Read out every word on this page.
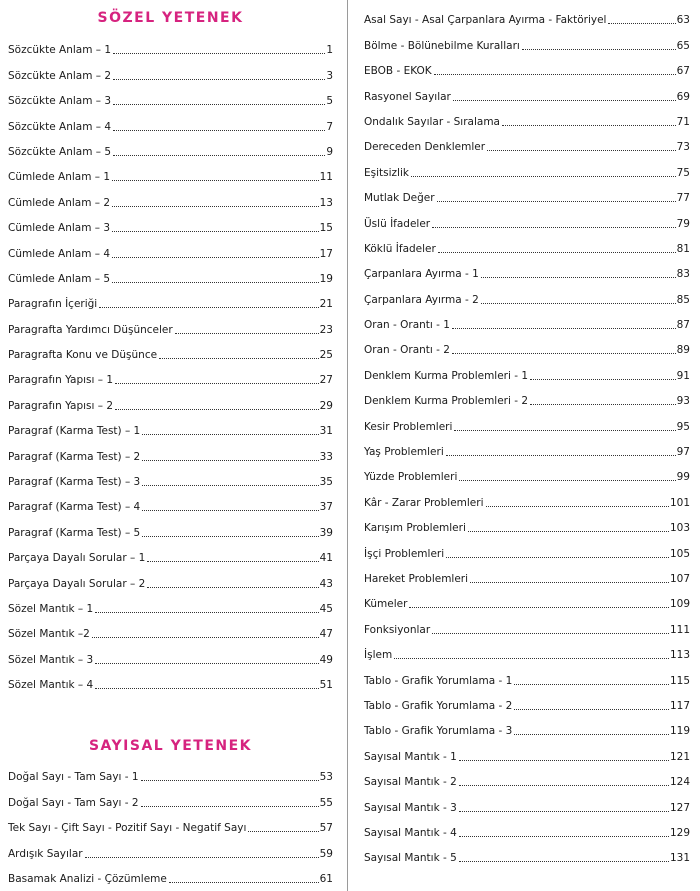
SÖZEL YETENEK
Sözcükte Anlam – 1	1
Sözcükte Anlam – 2	3
Sözcükte Anlam – 3	5
Sözcükte Anlam – 4	7
Sözcükte Anlam – 5	9
Cümlede Anlam – 1	11
Cümlede Anlam – 2	13
Cümlede Anlam – 3	15
Cümlede Anlam – 4	17
Cümlede Anlam – 5	19
Paragrafın İçeriği	21
Paragrafta Yardımcı Düşünceler	23
Paragrafta Konu ve Düşünce	25
Paragrafın Yapısı – 1	27
Paragrafın Yapısı – 2	29
Paragraf (Karma Test) – 1	31
Paragraf (Karma Test) – 2	33
Paragraf (Karma Test) – 3	35
Paragraf (Karma Test) – 4	37
Paragraf (Karma Test) – 5	39
Parçaya Dayalı Sorular – 1	41
Parçaya Dayalı Sorular – 2	43
Sözel Mantık – 1	45
Sözel Mantık –2	47
Sözel Mantık – 3	49
Sözel Mantık – 4	51
SAYISAL YETENEK
Doğal Sayı - Tam Sayı - 1	53
Doğal Sayı - Tam Sayı - 2	55
Tek Sayı - Çift Sayı - Pozitif Sayı - Negatif Sayı	57
Ardışık Sayılar	59
Basamak Analizi - Çözümleme	61
Asal Sayı - Asal Çarpanlara Ayırma - Faktöriyel	63
Bölme - Bölünebilme Kuralları	65
EBOB - EKOK	67
Rasyonel Sayılar	69
Ondalık Sayılar - Sıralama	71
Dereceden Denklemler	73
Eşitsizlik	75
Mutlak Değer	77
Üslü İfadeler	79
Köklü İfadeler	81
Çarpanlara Ayırma - 1	83
Çarpanlara Ayırma - 2	85
Oran - Orantı - 1	87
Oran - Orantı - 2	89
Denklem Kurma Problemleri - 1	91
Denklem Kurma Problemleri - 2	93
Kesir Problemleri	95
Yaş Problemleri	97
Yüzde Problemleri	99
Kâr - Zarar Problemleri	101
Karışım Problemleri	103
İşçi Problemleri	105
Hareket Problemleri	107
Kümeler	109
Fonksiyonlar	111
İşlem	113
Tablo - Grafik Yorumlama - 1	115
Tablo - Grafik Yorumlama - 2	117
Tablo - Grafik Yorumlama - 3	119
Sayısal Mantık - 1	121
Sayısal Mantık - 2	124
Sayısal Mantık - 3	127
Sayısal Mantık - 4	129
Sayısal Mantık - 5	131
